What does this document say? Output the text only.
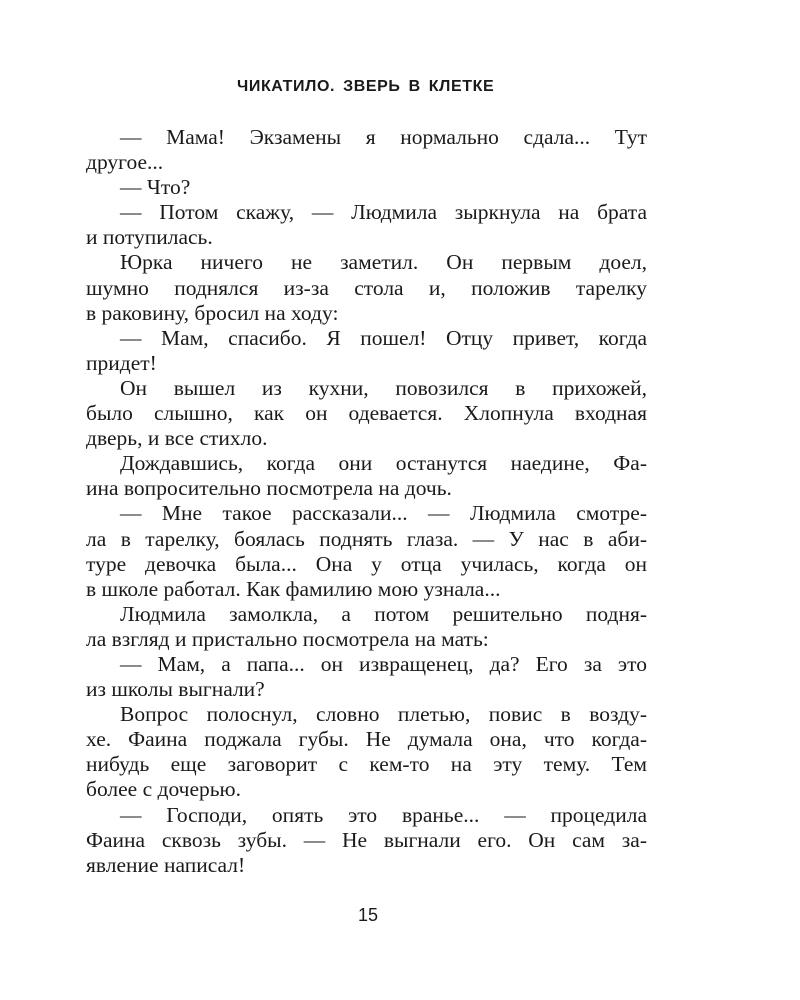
ЧИКАТИЛО. ЗВЕРЬ В КЛЕТКЕ
— Мама! Экзамены я нормально сдала... Тут
другое...
— Что?
— Потом скажу, — Людмила зыркнула на брата
и потупилась.
Юрка ничего не заметил. Он первым доел,
шумно поднялся из-за стола и, положив тарелку
в раковину, бросил на ходу:
— Мам, спасибо. Я пошел! Отцу привет, когда
придет!
Он вышел из кухни, повозился в прихожей,
было слышно, как он одевается. Хлопнула входная
дверь, и все стихло.
Дождавшись, когда они останутся наедине, Фа-
ина вопросительно посмотрела на дочь.
— Мне такое рассказали... — Людмила смотре-
ла в тарелку, боялась поднять глаза. — У нас в аби-
туре девочка была... Она у отца училась, когда он
в школе работал. Как фамилию мою узнала...
Людмила замолкла, а потом решительно подня-
ла взгляд и пристально посмотрела на мать:
— Мам, а папа... он извращенец, да? Его за это
из школы выгнали?
Вопрос полоснул, словно плетью, повис в возду-
хе. Фаина поджала губы. Не думала она, что когда-
нибудь еще заговорит с кем-то на эту тему. Тем
более с дочерью.
— Господи, опять это вранье... — процедила
Фаина сквозь зубы. — Не выгнали его. Он сам за-
явление написал!
15
